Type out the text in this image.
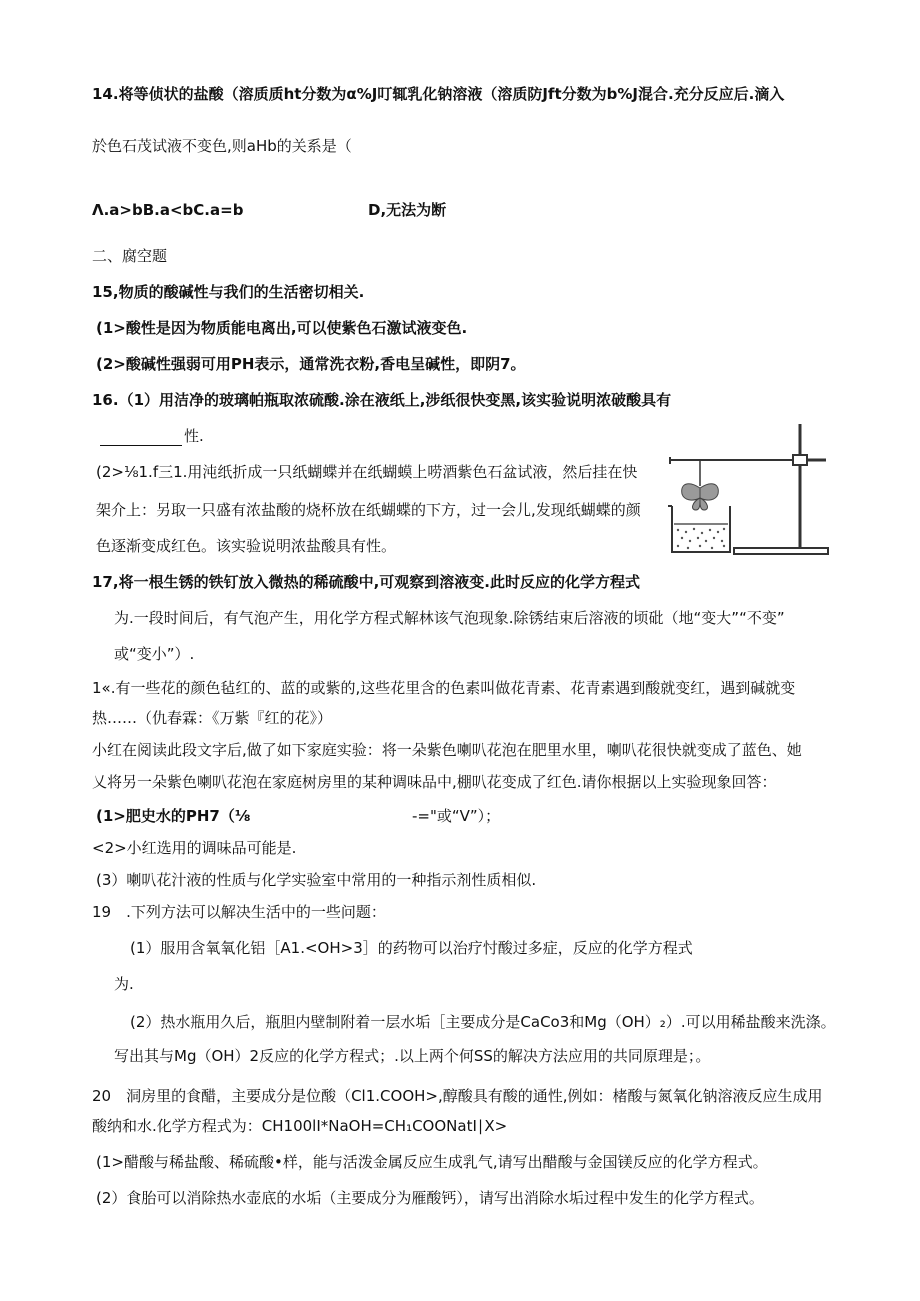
14.将等侦状的盐酸（溶质质ht分数为α%J叮辄乳化钠溶液（溶质防Jft分数为b%J混合.充分反应后.滴入
於色石茂试液不变色,则aHb的关系是（
Λ.a>bB.a<bC.a=b	D,无法为断
二、腐空题
15,物质的酸碱性与我们的生活密切相关.
(1>酸性是因为物质能电离出,可以使紫色石激试液变色.
(2>酸碱性强弱可用PH表示，通常洗衣粉,香电呈碱性，即阴7。
16.（1）用洁净的玻璃帕瓶取浓硫酸.涂在液纸上,涉纸很快变黑,该实验说明浓破酸具有
性.
(2>⅛1.f三1.用沌纸折成一只纸蝴蝶并在纸蝴蟆上唠酒紫色石盆试液，然后挂在快
架介上：另取一只盛有浓盐酸的烧杯放在纸蝴蝶的下方，过一会儿,发现纸蝴蝶的颜
色逐渐变成红色。该实验说明浓盐酸具有性。
17,将一根生锈的铁钉放入微热的稀硫酸中,可观察到溶液变.此时反应的化学方程式
为.一段时间后，有气泡产生，用化学方程式解林该气泡现象.除锈结束后溶液的顷砒（地“变大”“不变”
或“变小”）.
1«.有一些花的颜色毡红的、蓝的或紫的,这些花里含的色素叫做花青素、花青素遇到酸就变红，遇到碱就变
热……（仇春霖：《万紫『红的花》）
小红在阅读此段文字后,做了如下家庭实验：将一朵紫色喇叭花泡在肥里水里，喇叭花很快就变成了蓝色、她
乂将另一朵紫色喇叭花泡在家庭树房里的某种调味品中,棚叭花变成了红色.请你根据以上实验现象回答：
(1>肥史水的PH7（⅛	-="或“V”）；
<2>小红选用的调味品可能是.
(3）喇叭花汁液的性质与化学实验室中常用的一种指示剂性质相似.
19　.下列方法可以解决生活中的一些问题：
(1）服用含氧氧化铝［A1.<OH>3］的药物可以治疗忖酸过多症，反应的化学方程式
为.
(2）热水瓶用久后，瓶胆内壁制附着一层水垢［主要成分是CaCo3和Mg（OH）₂）.可以用稀盐酸来洗涤。
写出其与Mg（OH）2反应的化学方程式；.以上两个何SS的解决方法应用的共同原理是；。
20　洞房里的食醋，主要成分是位酸（Cl1.COOH>,醇酸具有酸的通性,例如：楮酸与氮氧化钠溶液反应生成用
酸纳和水.化学方程式为：CH100lI*NaOH=CH₁COONatI∣X>
(1>醋酸与稀盐酸、稀硫酸•样，能与活泼金属反应生成乳气,请写出醋酸与金国镁反应的化学方程式。
(2）食胎可以消除热水壶底的水垢（主要成分为雁酸钙），请写出消除水垢过程中发生的化学方程式。
